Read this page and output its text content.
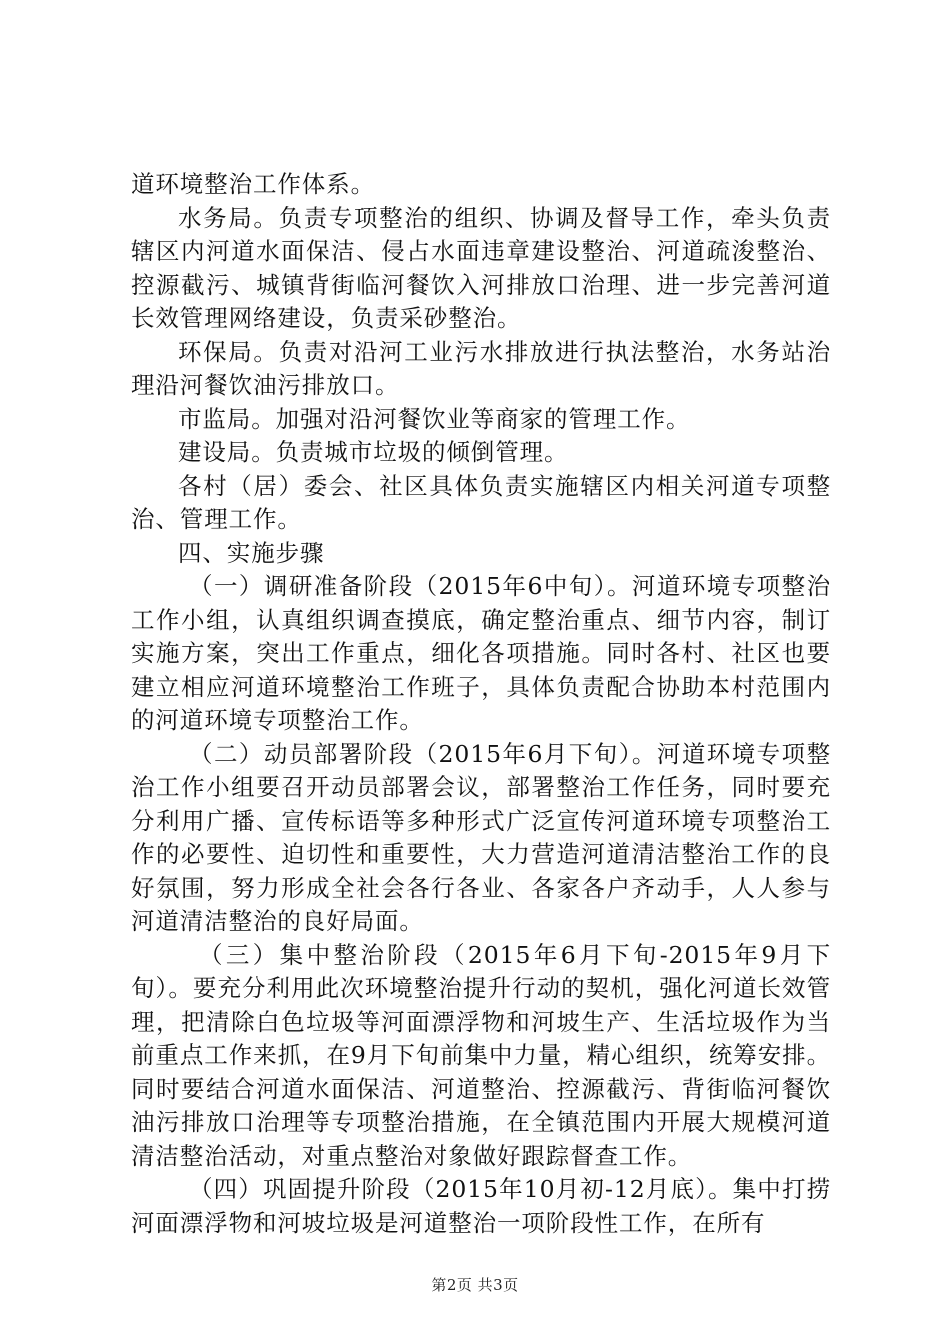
道环境整治工作体系。

水务局。负责专项整治的组织、协调及督导工作，牵头负责辖区内河道水面保洁、侵占水面违章建设整治、河道疏浚整治、控源截污、城镇背街临河餐饮入河排放口治理、进一步完善河道长效管理网络建设，负责采砂整治。

环保局。负责对沿河工业污水排放进行执法整治，水务站治理沿河餐饮油污排放口。

市监局。加强对沿河餐饮业等商家的管理工作。

建设局。负责城市垃圾的倾倒管理。

各村（居）委会、社区具体负责实施辖区内相关河道专项整治、管理工作。

四、实施步骤

（一）调研准备阶段（2015年6中旬）。河道环境专项整治工作小组，认真组织调查摸底，确定整治重点、细节内容，制订实施方案，突出工作重点，细化各项措施。同时各村、社区也要建立相应河道环境整治工作班子，具体负责配合协助本村范围内的河道环境专项整治工作。

（二）动员部署阶段（2015年6月下旬）。河道环境专项整治工作小组要召开动员部署会议，部署整治工作任务，同时要充分利用广播、宣传标语等多种形式广泛宣传河道环境专项整治工作的必要性、迫切性和重要性，大力营造河道清洁整治工作的良好氛围，努力形成全社会各行各业、各家各户齐动手，人人参与河道清洁整治的良好局面。

（三）集中整治阶段（2015年6月下旬-2015年9月下旬）。要充分利用此次环境整治提升行动的契机，强化河道长效管理，把清除白色垃圾等河面漂浮物和河坡生产、生活垃圾作为当前重点工作来抓，在9月下旬前集中力量，精心组织，统筹安排。同时要结合河道水面保洁、河道整治、控源截污、背街临河餐饮油污排放口治理等专项整治措施，在全镇范围内开展大规模河道清洁整治活动，对重点整治对象做好跟踪督查工作。

（四）巩固提升阶段（2015年10月初-12月底）。集中打捞河面漂浮物和河坡垃圾是河道整治一项阶段性工作，在所有

第2页 共3页
